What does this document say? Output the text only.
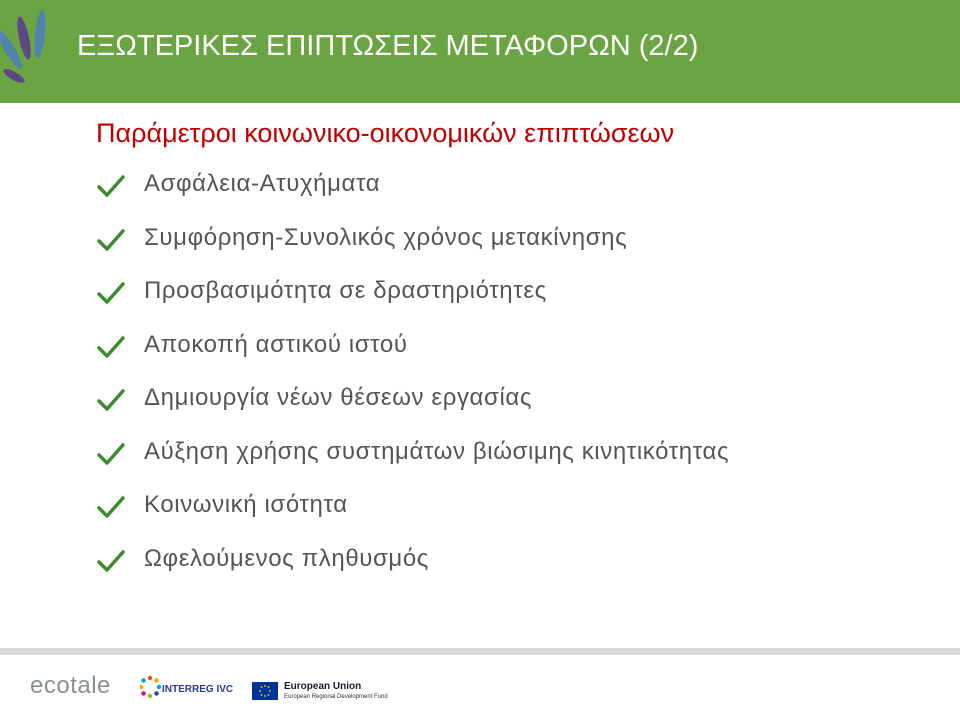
ΕΞΩΤΕΡΙΚΕΣ ΕΠΙΠΤΩΣΕΙΣ ΜΕΤΑΦΟΡΩΝ (2/2)
Παράμετροι κοινωνικο-οικονομικών επιπτώσεων
Ασφάλεια-Ατυχήματα
Συμφόρηση-Συνολικός χρόνος μετακίνησης
Προσβασιμότητα σε δραστηριότητες
Αποκοπή αστικού ιστού
Δημιουργία νέων θέσεων εργασίας
Αύξηση χρήσης συστημάτων βιώσιμης κινητικότητας
Κοινωνική ισότητα
Ωφελούμενος πληθυσμός
ecotale	INTERREG IVC	European Union
European Regional Development Fund
